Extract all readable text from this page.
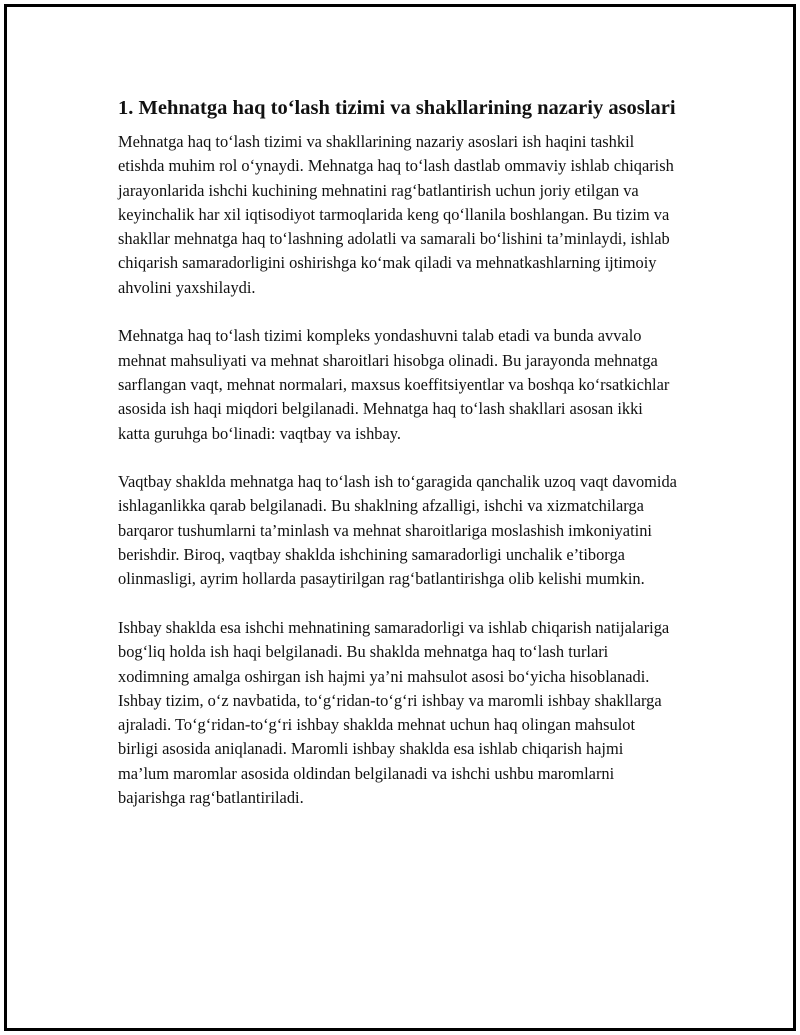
1. Mehnatga haq to‘lash tizimi va shakllarining nazariy asoslari

Mehnatga haq to‘lash tizimi va shakllarining nazariy asoslari ish haqini tashkil etishda muhim rol o‘ynaydi. Mehnatga haq to‘lash dastlab ommaviy ishlab chiqarish jarayonlarida ishchi kuchining mehnatini rag‘batlantirish uchun joriy etilgan va keyinchalik har xil iqtisodiyot tarmoqlarida keng qo‘llanila boshlangan. Bu tizim va shakllar mehnatga haq to‘lashning adolatli va samarali bo‘lishini ta’minlaydi, ishlab chiqarish samaradorligini oshirishga ko‘mak qiladi va mehnatkashlarning ijtimoiy ahvolini yaxshilaydi.

Mehnatga haq to‘lash tizimi kompleks yondashuvni talab etadi va bunda avvalo mehnat mahsuliyati va mehnat sharoitlari hisobga olinadi. Bu jarayonda mehnatga sarflangan vaqt, mehnat normalari, maxsus koeffitsiyentlar va boshqa ko‘rsatkichlar asosida ish haqi miqdori belgilanadi. Mehnatga haq to‘lash shakllari asosan ikki katta guruhga bo‘linadi: vaqtbay va ishbay.

Vaqtbay shaklda mehnatga haq to‘lash ish to‘garagida qanchalik uzoq vaqt davomida ishlaganlikka qarab belgilanadi. Bu shaklning afzalligi, ishchi va xizmatchilarga barqaror tushumlarni ta’minlash va mehnat sharoitlariga moslashish imkoniyatini berishdir. Biroq, vaqtbay shaklda ishchining samaradorligi unchalik e’tiborga olinmasligi, ayrim hollarda pasaytirilgan rag‘batlantirishga olib kelishi mumkin.

Ishbay shaklda esa ishchi mehnatining samaradorligi va ishlab chiqarish natijalariga bog‘liq holda ish haqi belgilanadi. Bu shaklda mehnatga haq to‘lash turlari xodimning amalga oshirgan ish hajmi ya’ni mahsulot asosi bo‘yicha hisoblanadi. Ishbay tizim, o‘z navbatida, to‘g‘ridan-to‘g‘ri ishbay va maromli ishbay shakllarga ajraladi. To‘g‘ridan-to‘g‘ri ishbay shaklda mehnat uchun haq olingan mahsulot birligi asosida aniqlanadi. Maromli ishbay shaklda esa ishlab chiqarish hajmi ma’lum maromlar asosida oldindan belgilanadi va ishchi ushbu maromlarni bajarishga rag‘batlantiriladi.
